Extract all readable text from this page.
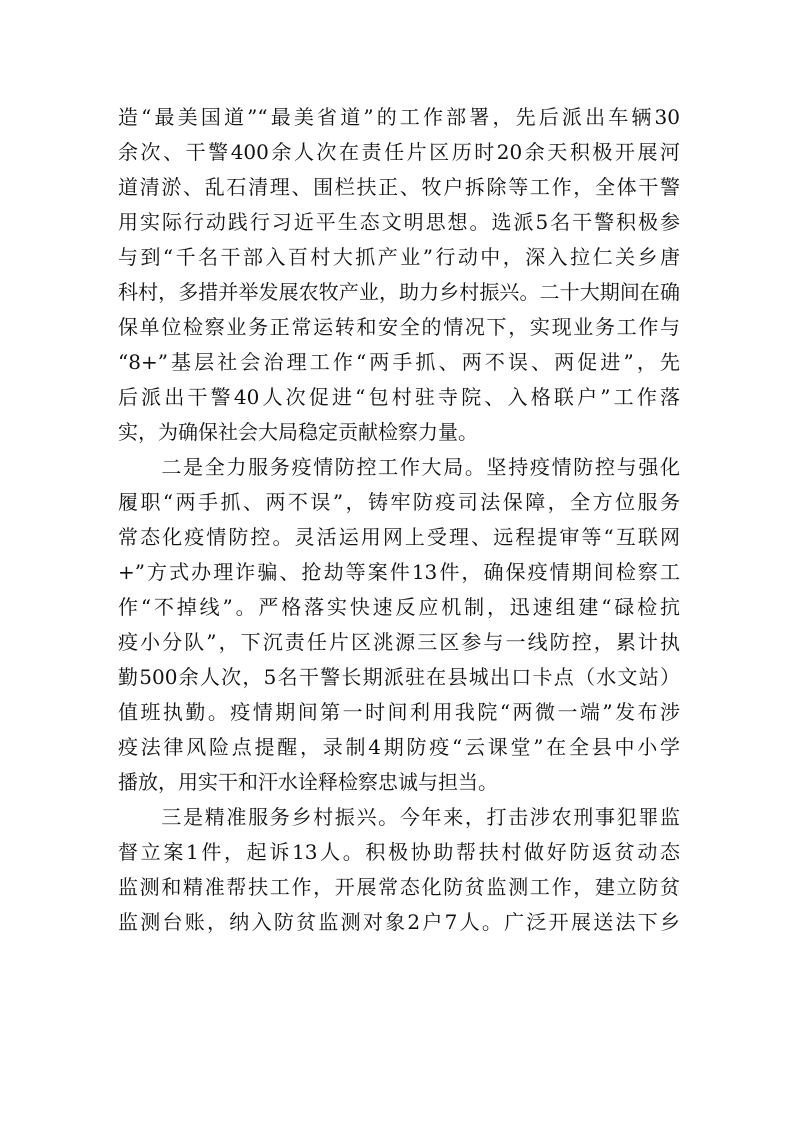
造“最美国道”“最美省道”的工作部署，先后派出车辆30
余次、干警400余人次在责任片区历时20余天积极开展河
道清淤、乱石清理、围栏扶正、牧户拆除等工作，全体干警
用实际行动践行习近平生态文明思想。选派5名干警积极参
与到“千名干部入百村大抓产业”行动中，深入拉仁关乡唐
科村，多措并举发展农牧产业，助力乡村振兴。二十大期间在确
保单位检察业务正常运转和安全的情况下，实现业务工作与
“8+”基层社会治理工作“两手抓、两不误、两促进”，先
后派出干警40人次促进“包村驻寺院、入格联户”工作落
实，为确保社会大局稳定贡献检察力量。
　　二是全力服务疫情防控工作大局。坚持疫情防控与强化
履职“两手抓、两不误”，铸牢防疫司法保障，全方位服务
常态化疫情防控。灵活运用网上受理、远程提审等“互联网
+”方式办理诈骗、抢劫等案件13件，确保疫情期间检察工
作“不掉线”。严格落实快速反应机制，迅速组建“碌检抗
疫小分队”，下沉责任片区洮源三区参与一线防控，累计执
勤500余人次，5名干警长期派驻在县城出口卡点（水文站）
值班执勤。疫情期间第一时间利用我院“两微一端”发布涉
疫法律风险点提醒，录制4期防疫“云课堂”在全县中小学
播放，用实干和汗水诠释检察忠诚与担当。
　　三是精准服务乡村振兴。今年来，打击涉农刑事犯罪监
督立案1件，起诉13人。积极协助帮扶村做好防返贫动态
监测和精准帮扶工作，开展常态化防贫监测工作，建立防贫
监测台账，纳入防贫监测对象2户7人。广泛开展送法下乡
